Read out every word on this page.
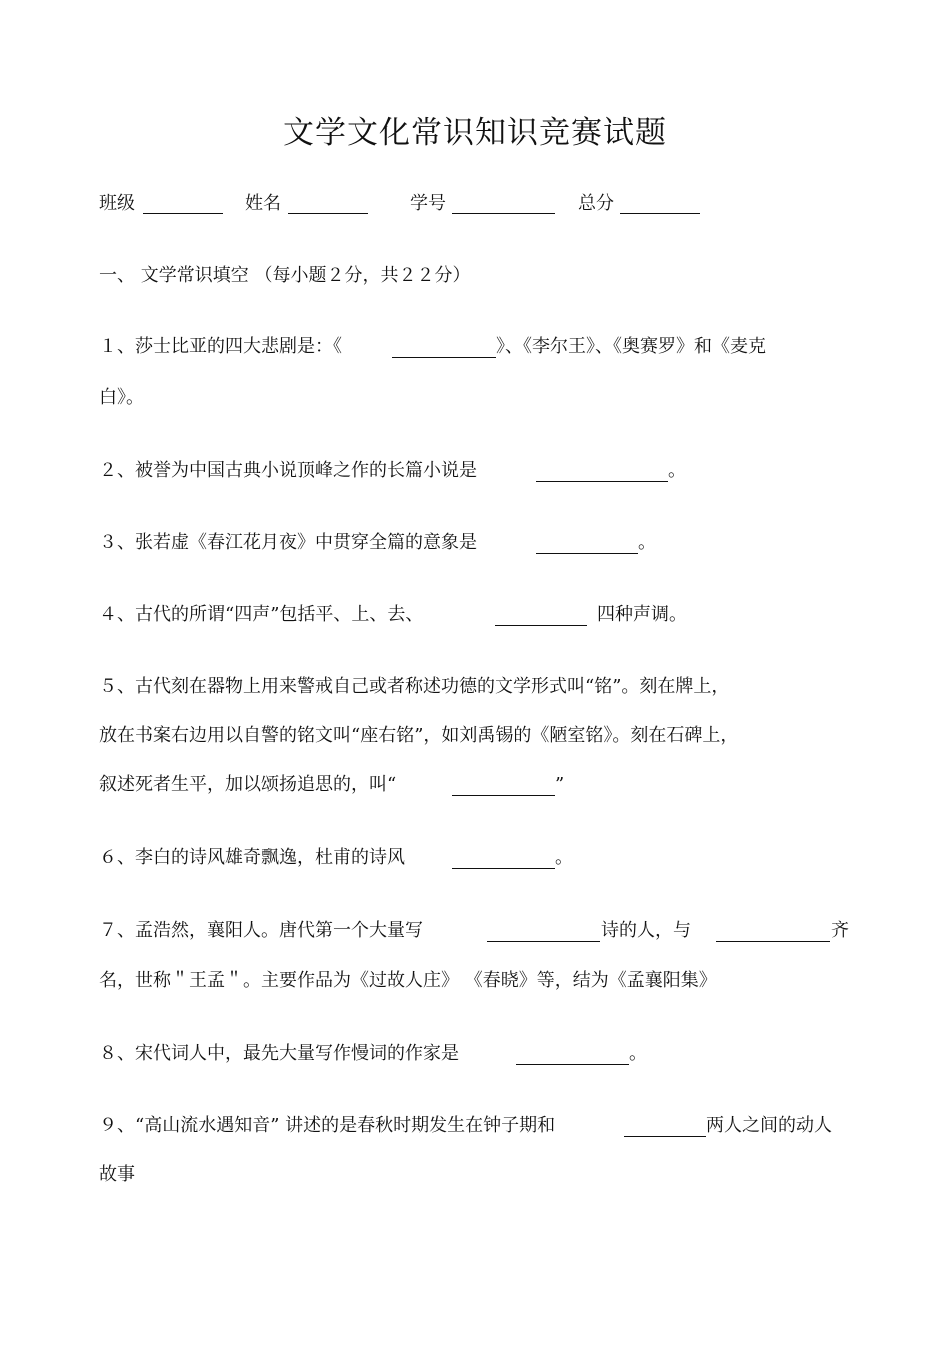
文学文化常识知识竞赛试题
班级	姓名	学号	总分
一、 文学常识填空 （每小题２分，共２２分）
１、莎士比亚的四大悲剧是：《	》、《李尔王》、《奥赛罗》和《麦克
白》。
２、被誉为中国古典小说顶峰之作的长篇小说是	。
３、张若虚《春江花月夜》中贯穿全篇的意象是	。
４、古代的所谓“四声”包括平、上、去、	四种声调。
５、古代刻在器物上用来警戒自己或者称述功德的文学形式叫“铭”。刻在牌上，
放在书案右边用以自警的铭文叫“座右铭”，如刘禹锡的《陋室铭》。刻在石碑上，
叙述死者生平，加以颂扬追思的，叫“	”
６、李白的诗风雄奇飘逸，杜甫的诗风	。
７、孟浩然，襄阳人。唐代第一个大量写	诗的人，与	齐
名，世称＂王孟＂。主要作品为《过故人庄》 《春晓》等，结为《孟襄阳集》
８、宋代词人中，最先大量写作慢词的作家是	。
９、“高山流水遇知音” 讲述的是春秋时期发生在钟子期和	两人之间的动人
故事
